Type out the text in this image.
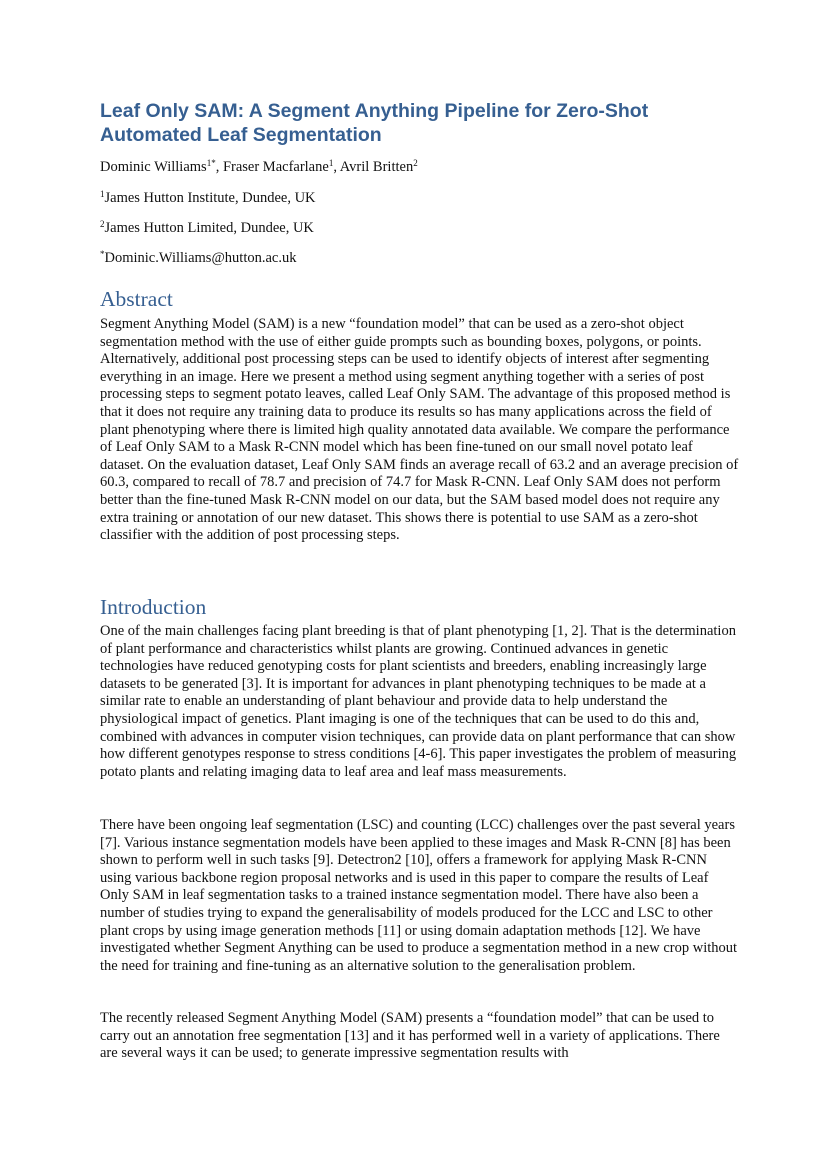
Leaf Only SAM: A Segment Anything Pipeline for Zero-Shot
Automated Leaf Segmentation

Dominic Williams$^{1*}$, Fraser Macfarlane$^1$, Avril Britten$^2$

$^1$James Hutton Institute, Dundee, UK

$^2$James Hutton Limited, Dundee, UK

*Dominic.Williams@hutton.ac.uk

Abstract

Segment Anything Model (SAM) is a new “foundation model” that can be used as a zero-shot object segmentation method with the use of either guide prompts such as bounding boxes, polygons, or points. Alternatively, additional post processing steps can be used to identify objects of interest after segmenting everything in an image. Here we present a method using segment anything together with a series of post processing steps to segment potato leaves, called Leaf Only SAM. The advantage of this proposed method is that it does not require any training data to produce its results so has many applications across the field of plant phenotyping where there is limited high quality annotated data available. We compare the performance of Leaf Only SAM to a Mask R-CNN model which has been fine-tuned on our small novel potato leaf dataset. On the evaluation dataset, Leaf Only SAM finds an average recall of 63.2 and an average precision of 60.3, compared to recall of 78.7 and precision of 74.7 for Mask R-CNN. Leaf Only SAM does not perform better than the fine-tuned Mask R-CNN model on our data, but the SAM based model does not require any extra training or annotation of our new dataset. This shows there is potential to use SAM as a zero-shot classifier with the addition of post processing steps.

Introduction

One of the main challenges facing plant breeding is that of plant phenotyping [1, 2]. That is the determination of plant performance and characteristics whilst plants are growing. Continued advances in genetic technologies have reduced genotyping costs for plant scientists and breeders, enabling increasingly large datasets to be generated [3]. It is important for advances in plant phenotyping techniques to be made at a similar rate to enable an understanding of plant behaviour and provide data to help understand the physiological impact of genetics. Plant imaging is one of the techniques that can be used to do this and, combined with advances in computer vision techniques, can provide data on plant performance that can show how different genotypes response to stress conditions [4-6]. This paper investigates the problem of measuring potato plants and relating imaging data to leaf area and leaf mass measurements.

There have been ongoing leaf segmentation (LSC) and counting (LCC) challenges over the past several years [7]. Various instance segmentation models have been applied to these images and Mask R-CNN [8] has been shown to perform well in such tasks [9]. Detectron2 [10], offers a framework for applying Mask R-CNN using various backbone region proposal networks and is used in this paper to compare the results of Leaf Only SAM in leaf segmentation tasks to a trained instance segmentation model. There have also been a number of studies trying to expand the generalisability of models produced for the LCC and LSC to other plant crops by using image generation methods [11] or using domain adaptation methods [12]. We have investigated whether Segment Anything can be used to produce a segmentation method in a new crop without the need for training and fine-tuning as an alternative solution to the generalisation problem.

The recently released Segment Anything Model (SAM) presents a “foundation model” that can be used to carry out an annotation free segmentation [13] and it has performed well in a variety of applications. There are several ways it can be used; to generate impressive segmentation results with
